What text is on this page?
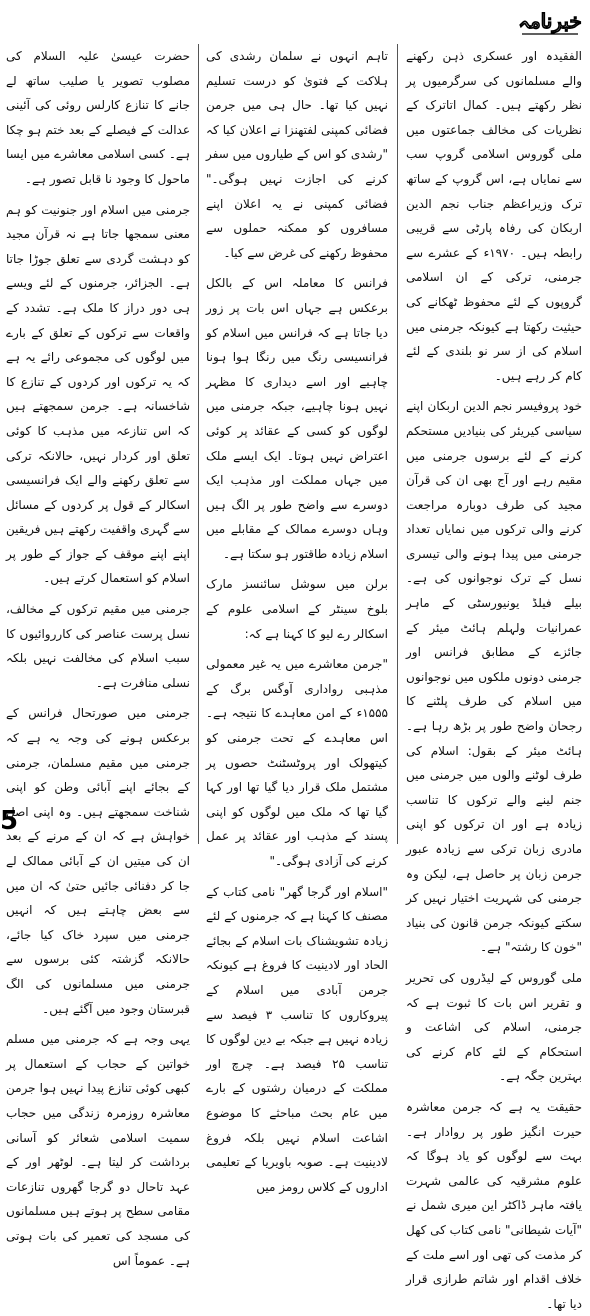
خبرنامہ

الفقیدہ اور عسکری ذہن رکھنے والے مسلمانوں کی سرگرمیوں پر نظر رکھتے ہیں۔ کمال اتاترک کے نظریات کی مخالف جماعتوں میں ملی گوروس اسلامی گروپ سب سے نمایاں ہے، اس گروپ کے ساتھ ترک وزیراعظم جناب نجم الدین اربکان کی رفاہ پارٹی سے قریبی رابطہ ہیں۔ ۱۹۷۰ء کے عشرے سے جرمنی، ترکی کے ان اسلامی گروپوں کے لئے محفوظ ٹھکانے کی حیثیت رکھتا ہے کیونکہ جرمنی میں اسلام کی از سر نو بلندی کے لئے کام کر رہے ہیں۔

خود پروفیسر نجم الدین اربکان اپنے سیاسی کیریئر کی بنیادیں مستحکم کرنے کے لئے برسوں جرمنی میں مقیم رہے اور آج بھی ان کی قرآن مجید کی طرف دوبارہ مراجعت کرنے والی ترکوں میں نمایاں تعداد جرمنی میں پیدا ہونے والی تیسری نسل کے ترک نوجوانوں کی ہے۔ بیلے فیلڈ یونیورسٹی کے ماہر عمرانیات ولہلم ہائٹ میئر کے جائزے کے مطابق فرانس اور جرمنی دونوں ملکوں میں نوجوانوں میں اسلام کی طرف پلٹنے کا رجحان واضح طور پر بڑھ رہا ہے۔ ہائٹ میئر کے بقول: اسلام کی طرف لوٹنے والوں میں جرمنی میں جنم لینے والے ترکوں کا تناسب زیادہ ہے اور ان ترکوں کو اپنی مادری زبان ترکی سے زیادہ عبور جرمن زبان پر حاصل ہے، لیکن وہ جرمنی کی شہریت اختیار نہیں کر سکتے کیونکہ جرمن قانون کی بنیاد "خون کا رشتہ" ہے۔

ملی گوروس کے لیڈروں کی تحریر و تقریر اس بات کا ثبوت ہے کہ جرمنی، اسلام کی اشاعت و استحکام کے لئے کام کرنے کی بہترین جگہ ہے۔

حقیقت یہ ہے کہ جرمن معاشرہ حیرت انگیز طور پر روادار ہے۔ بہت سے لوگوں کو یاد ہوگا کہ علوم مشرقیہ کی عالمی شہرت یافتہ ماہر ڈاکٹر این میری شمل نے "آیات شیطانی" نامی کتاب کی کھل کر مذمت کی تھی اور اسے ملت کے خلاف اقدام اور شاتم طرازی قرار دیا تھا۔

تاہم انہوں نے سلمان رشدی کی ہلاکت کے فتویٰ کو درست تسلیم نہیں کیا تھا۔ حال ہی میں جرمن فضائی کمپنی لفتھنزا نے اعلان کیا کہ "رشدی کو اس کے طیاروں میں سفر کرنے کی اجازت نہیں ہوگی۔" فضائی کمپنی نے یہ اعلان اپنے مسافروں کو ممکنہ حملوں سے محفوظ رکھنے کی غرض سے کیا۔

فرانس کا معاملہ اس کے بالکل برعکس ہے جہاں اس بات پر زور دیا جاتا ہے کہ فرانس میں اسلام کو فرانسیسی رنگ میں رنگا ہوا ہونا چاہیے اور اسے دیداری کا مظہر نہیں ہونا چاہیے، جبکہ جرمنی میں لوگوں کو کسی کے عقائد پر کوئی اعتراض نہیں ہوتا۔ ایک ایسے ملک میں جہاں مملکت اور مذہب ایک دوسرے سے واضح طور پر الگ ہیں وہاں دوسرے ممالک کے مقابلے میں اسلام زیادہ طاقتور ہو سکتا ہے۔

برلن میں سوشل سائنسز مارک بلوخ سینٹر کے اسلامی علوم کے اسکالر رے لیو کا کہنا ہے کہ:

"جرمن معاشرے میں یہ غیر معمولی مذہبی رواداری آوگس برگ کے ۱۵۵۵ء کے امن معاہدے کا نتیجہ ہے۔ اس معاہدے کے تحت جرمنی کو کیتھولک اور پروٹسٹنٹ حصوں پر مشتمل ملک قرار دیا گیا تھا اور کہا گیا تھا کہ ملک میں لوگوں کو اپنی پسند کے مذہب اور عقائد پر عمل کرنے کی آزادی ہوگی۔"

"اسلام اور گرجا گھر" نامی کتاب کے مصنف کا کہنا ہے کہ جرمنوں کے لئے زیادہ تشویشناک بات اسلام کے بجائے الحاد اور لادینیت کا فروغ ہے کیونکہ جرمن آبادی میں اسلام کے پیروکاروں کا تناسب ۳ فیصد سے زیادہ نہیں ہے جبکہ بے دین لوگوں کا تناسب ۲۵ فیصد ہے۔ چرچ اور مملکت کے درمیان رشتوں کے بارے میں عام بحث مباحثے کا موضوع اشاعت اسلام نہیں بلکہ فروغ لادینیت ہے۔ صوبہ باویریا کے تعلیمی اداروں کے کلاس رومز میں

حضرت عیسیٰ علیہ السلام کی مصلوب تصویر یا صلیب ساتھ لے جانے کا تنازع کارلس روئی کی آئینی عدالت کے فیصلے کے بعد ختم ہو چکا ہے۔ کسی اسلامی معاشرے میں ایسا ماحول کا وجود نا قابل تصور ہے۔

جرمنی میں اسلام اور جنونیت کو ہم معنی سمجھا جاتا ہے نہ قرآن مجید کو دہشت گردی سے تعلق جوڑا جاتا ہے۔ الجزائر، جرمنوں کے لئے ویسے ہی دور دراز کا ملک ہے۔ تشدد کے واقعات سے ترکوں کے تعلق کے بارے میں لوگوں کی مجموعی رائے یہ ہے کہ یہ ترکوں اور کردوں کے تنازع کا شاخسانہ ہے۔ جرمن سمجھتے ہیں کہ اس تنازعہ میں مذہب کا کوئی تعلق اور کردار نہیں، حالانکہ ترکی سے تعلق رکھنے والے ایک فرانسیسی اسکالر کے قول پر کردوں کے مسائل سے گہری واقفیت رکھتے ہیں فریقین اپنے اپنے موقف کے جواز کے طور پر اسلام کو استعمال کرتے ہیں۔

جرمنی میں مقیم ترکوں کے مخالف، نسل پرست عناصر کی کارروائیوں کا سبب اسلام کی مخالفت نہیں بلکہ نسلی منافرت ہے۔

جرمنی میں صورتحال فرانس کے برعکس ہونے کی وجہ یہ ہے کہ جرمنی میں مقیم مسلمان، جرمنی کے بجائے اپنے آبائی وطن کو اپنی شناخت سمجھتے ہیں۔ وہ اپنی اصل خواہش ہے کہ ان کے مرنے کے بعد ان کی میتیں ان کے آبائی ممالک لے جا کر دفنائی جائیں حتیٰ کہ ان میں سے بعض چاہتے ہیں کہ انہیں جرمنی میں سپرد خاک کیا جائے، حالانکہ گزشتہ کئی برسوں سے جرمنی میں مسلمانوں کی الگ قبرستان وجود میں آگئے ہیں۔

یہی وجہ ہے کہ جرمنی میں مسلم خواتین کے حجاب کے استعمال پر کبھی کوئی تنازع پیدا نہیں ہوا جرمن معاشرہ روزمرہ زندگی میں حجاب سمیت اسلامی شعائر کو آسانی برداشت کر لیتا ہے۔ لوٹھر اور کے عہد تاحال دو گرجا گھروں تنازعات مقامی سطح پر ہوتے ہیں مسلمانوں کی مسجد کی تعمیر کی بات ہوتی ہے۔ عموماً اس

5
